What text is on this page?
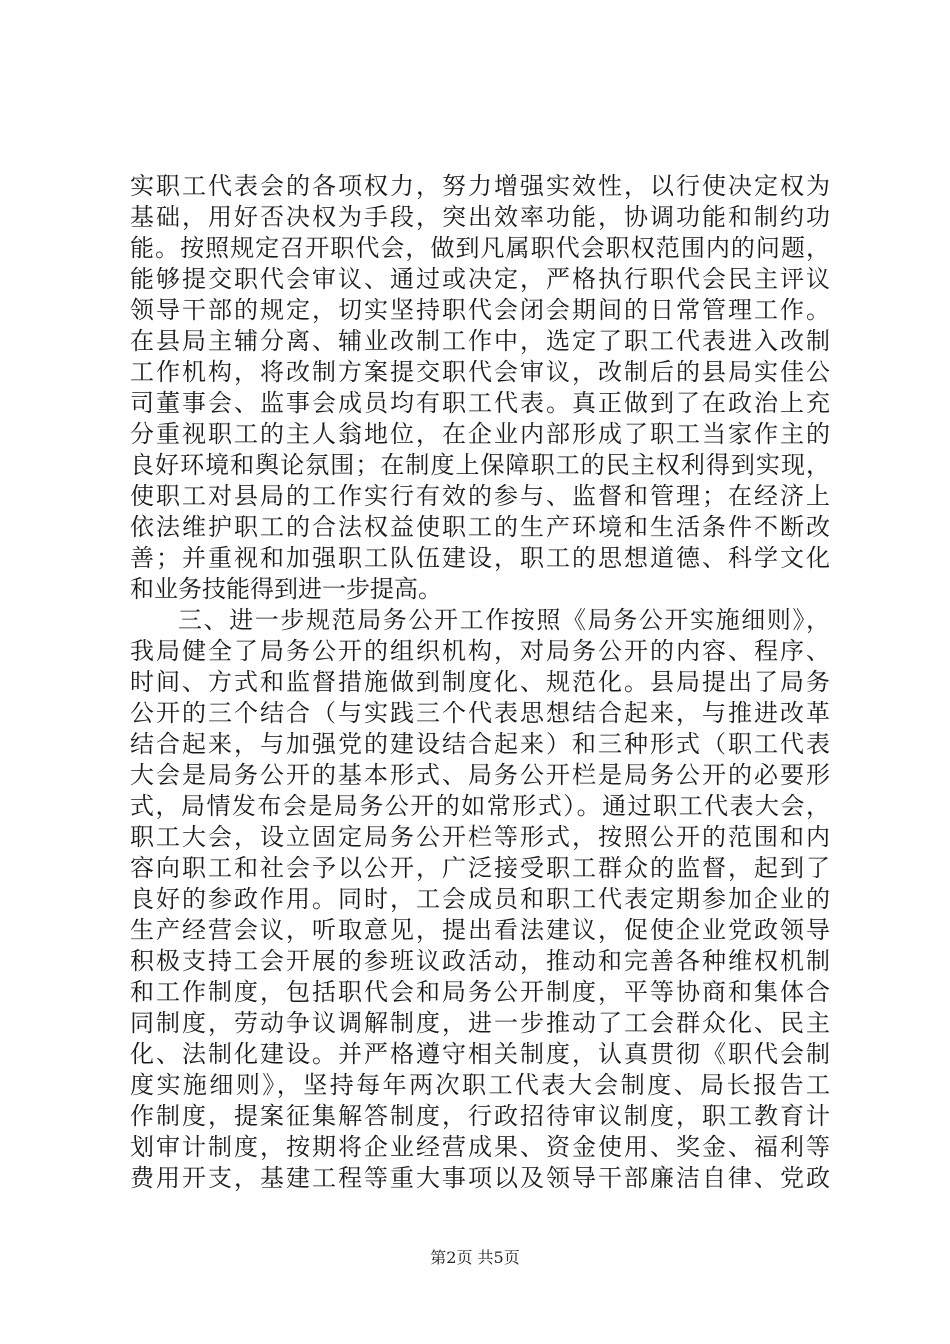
实职工代表会的各项权力，努力增强实效性，以行使决定权为
基础，用好否决权为手段，突出效率功能，协调功能和制约功
能。按照规定召开职代会，做到凡属职代会职权范围内的问题，
能够提交职代会审议、通过或决定，严格执行职代会民主评议
领导干部的规定，切实坚持职代会闭会期间的日常管理工作。
在县局主辅分离、辅业改制工作中，选定了职工代表进入改制
工作机构，将改制方案提交职代会审议，改制后的县局实佳公
司董事会、监事会成员均有职工代表。真正做到了在政治上充
分重视职工的主人翁地位，在企业内部形成了职工当家作主的
良好环境和舆论氛围；在制度上保障职工的民主权利得到实现，
使职工对县局的工作实行有效的参与、监督和管理；在经济上
依法维护职工的合法权益使职工的生产环境和生活条件不断改
善；并重视和加强职工队伍建设，职工的思想道德、科学文化
和业务技能得到进一步提高。
三、进一步规范局务公开工作按照《局务公开实施细则》，
我局健全了局务公开的组织机构，对局务公开的内容、程序、
时间、方式和监督措施做到制度化、规范化。县局提出了局务
公开的三个结合（与实践三个代表思想结合起来，与推进改革
结合起来，与加强党的建设结合起来）和三种形式（职工代表
大会是局务公开的基本形式、局务公开栏是局务公开的必要形
式，局情发布会是局务公开的如常形式）。通过职工代表大会，
职工大会，设立固定局务公开栏等形式，按照公开的范围和内
容向职工和社会予以公开，广泛接受职工群众的监督，起到了
良好的参政作用。同时，工会成员和职工代表定期参加企业的
生产经营会议，听取意见，提出看法建议，促使企业党政领导
积极支持工会开展的参班议政活动，推动和完善各种维权机制
和工作制度，包括职代会和局务公开制度，平等协商和集体合
同制度，劳动争议调解制度，进一步推动了工会群众化、民主
化、法制化建设。并严格遵守相关制度，认真贯彻《职代会制
度实施细则》，坚持每年两次职工代表大会制度、局长报告工
作制度，提案征集解答制度，行政招待审议制度，职工教育计
划审计制度，按期将企业经营成果、资金使用、奖金、福利等
费用开支，基建工程等重大事项以及领导干部廉洁自律、党政
第2页 共5页
